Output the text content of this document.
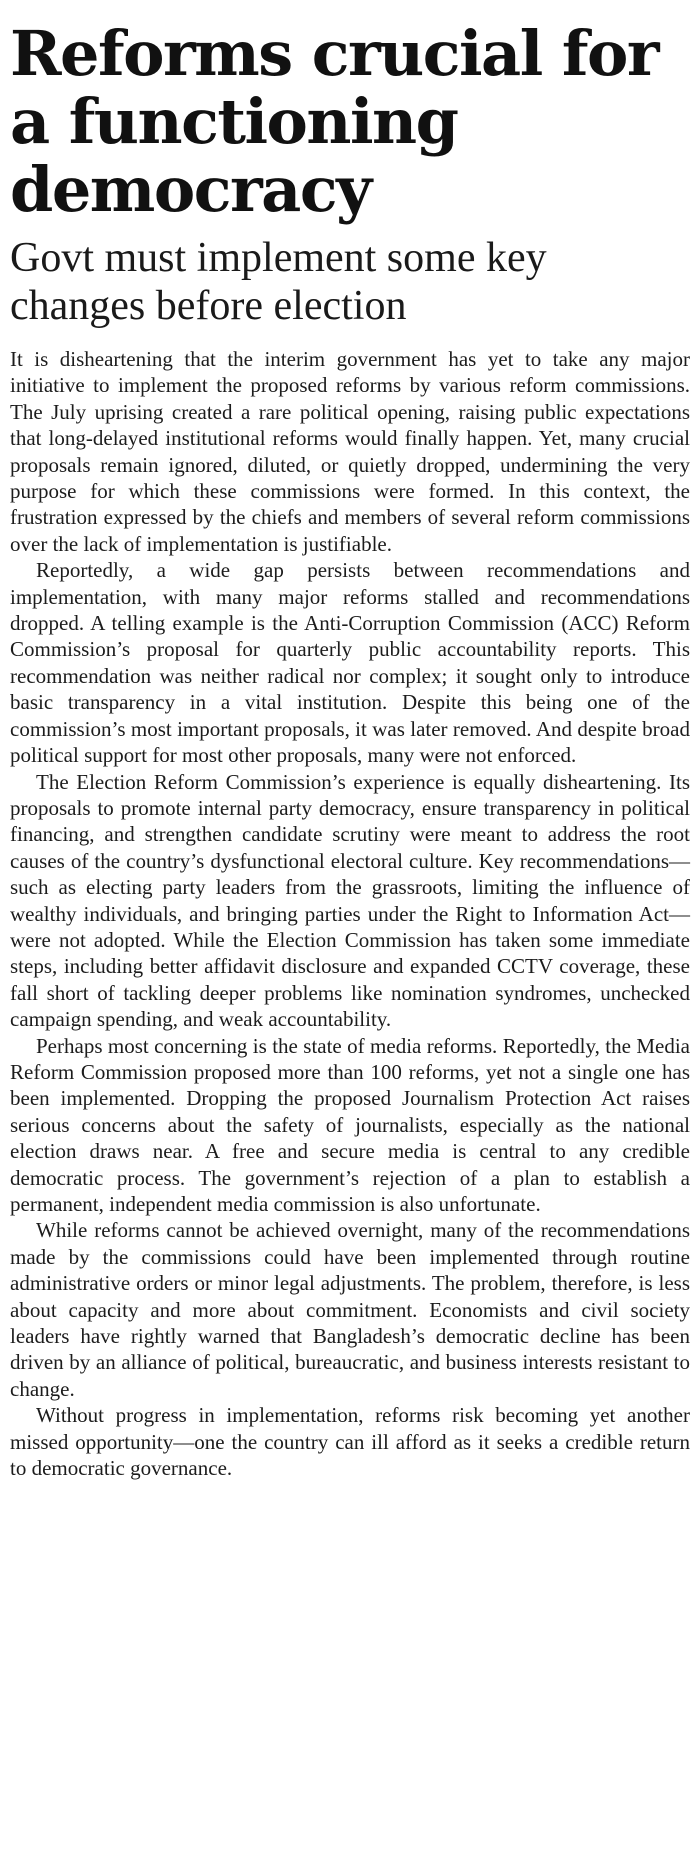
Reforms crucial for a functioning democracy
Govt must implement some key changes before election

It is disheartening that the interim government has yet to take any major initiative to implement the proposed reforms by various reform commissions. The July uprising created a rare political opening, raising public expectations that long-delayed institutional reforms would finally happen. Yet, many crucial proposals remain ignored, diluted, or quietly dropped, undermining the very purpose for which these commissions were formed. In this context, the frustration expressed by the chiefs and members of several reform commissions over the lack of implementation is justifiable.

Reportedly, a wide gap persists between recommendations and implementation, with many major reforms stalled and recommendations dropped. A telling example is the Anti-Corruption Commission (ACC) Reform Commission’s proposal for quarterly public accountability reports. This recommendation was neither radical nor complex; it sought only to introduce basic transparency in a vital institution. Despite this being one of the commission’s most important proposals, it was later removed. And despite broad political support for most other proposals, many were not enforced.

The Election Reform Commission’s experience is equally disheartening. Its proposals to promote internal party democracy, ensure transparency in political financing, and strengthen candidate scrutiny were meant to address the root causes of the country’s dysfunctional electoral culture. Key recommendations—such as electing party leaders from the grassroots, limiting the influence of wealthy individuals, and bringing parties under the Right to Information Act—were not adopted. While the Election Commission has taken some immediate steps, including better affidavit disclosure and expanded CCTV coverage, these fall short of tackling deeper problems like nomination syndromes, unchecked campaign spending, and weak accountability.

Perhaps most concerning is the state of media reforms. Reportedly, the Media Reform Commission proposed more than 100 reforms, yet not a single one has been implemented. Dropping the proposed Journalism Protection Act raises serious concerns about the safety of journalists, especially as the national election draws near. A free and secure media is central to any credible democratic process. The government’s rejection of a plan to establish a permanent, independent media commission is also unfortunate.

While reforms cannot be achieved overnight, many of the recommendations made by the commissions could have been implemented through routine administrative orders or minor legal adjustments. The problem, therefore, is less about capacity and more about commitment. Economists and civil society leaders have rightly warned that Bangladesh’s democratic decline has been driven by an alliance of political, bureaucratic, and business interests resistant to change.

Without progress in implementation, reforms risk becoming yet another missed opportunity—one the country can ill afford as it seeks a credible return to democratic governance.
